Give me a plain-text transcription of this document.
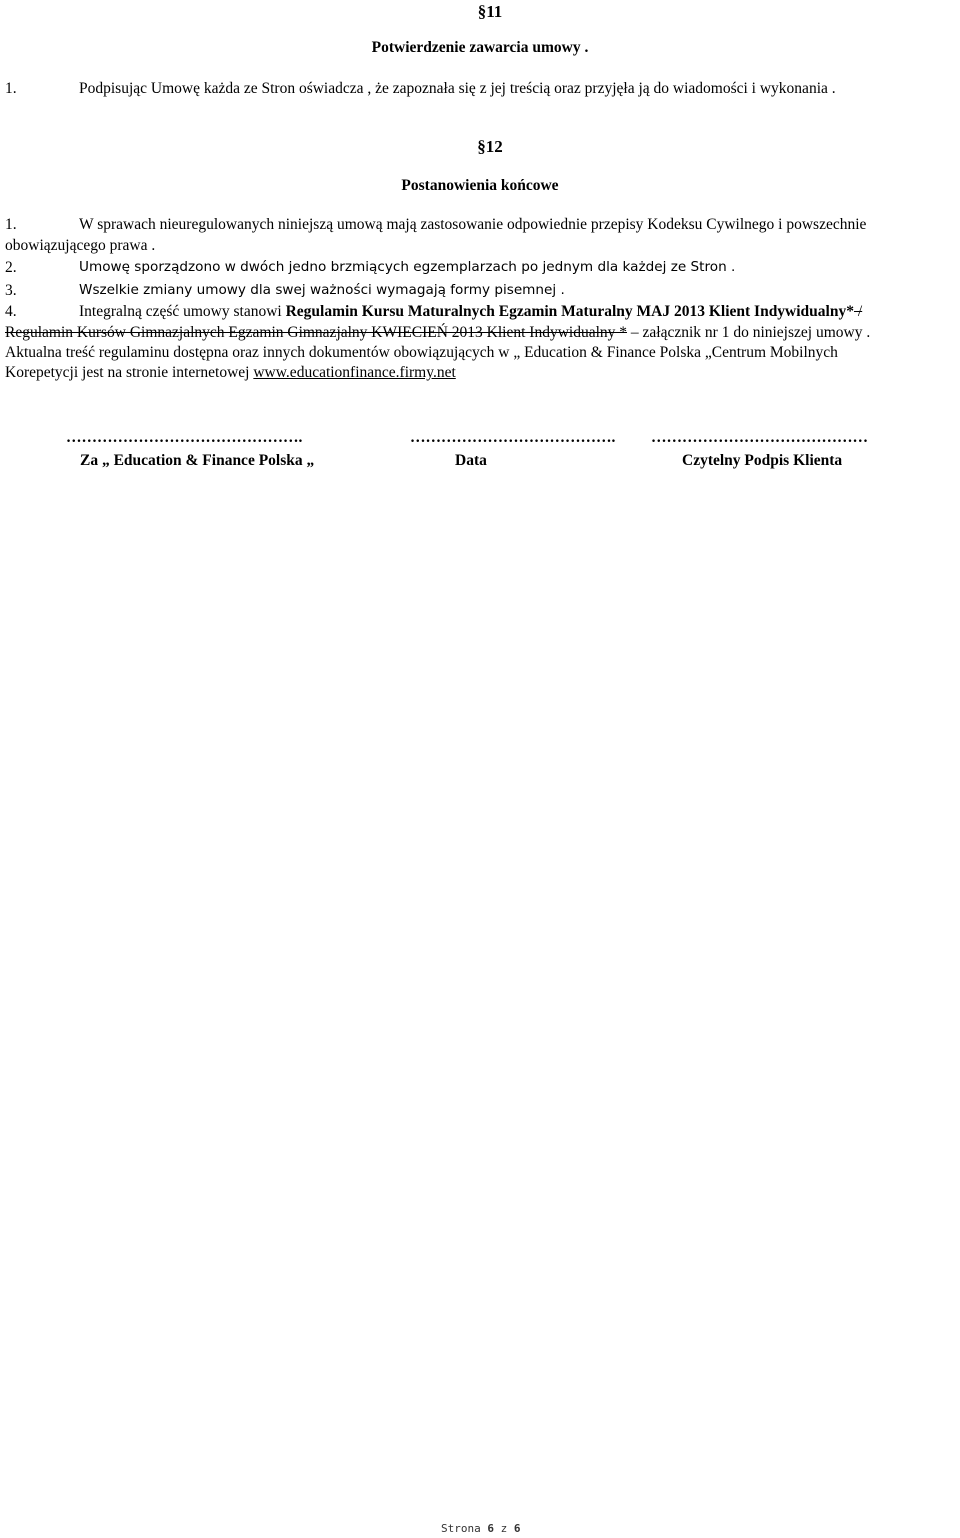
§11
Potwierdzenie zawarcia umowy .
1.	Podpisując Umowę każda ze Stron oświadcza , że zapoznała się z jej treścią oraz przyjęła ją do wiadomości i wykonania .
§12
Postanowienia końcowe
1.	W sprawach nieuregulowanych niniejszą umową mają zastosowanie odpowiednie przepisy Kodeksu Cywilnego i powszechnie
obowiązującego prawa .
2.	Umowę sporządzono w dwóch jedno brzmiących egzemplarzach po jednym dla każdej ze Stron .
3.	Wszelkie zmiany umowy dla swej ważności wymagają formy pisemnej .
4.	Integralną część umowy stanowi Regulamin Kursu Maturalnych Egzamin Maturalny MAJ 2013 Klient Indywidualny* /
Regulamin Kursów Gimnazjalnych Egzamin Gimnazjalny KWIECIEŃ 2013 Klient Indywidualny * – załącznik nr 1 do niniejszej umowy .
Aktualna treść regulaminu dostępna oraz innych dokumentów obowiązujących w „ Education & Finance Polska „Centrum Mobilnych
Korepetycji jest na stronie internetowej www.educationfinance.firmy.net
……………………………………….	…………………………………. ……………………………………
Za „ Education & Finance Polska „	Data	Czytelny Podpis Klienta
Strona 6 z 6
